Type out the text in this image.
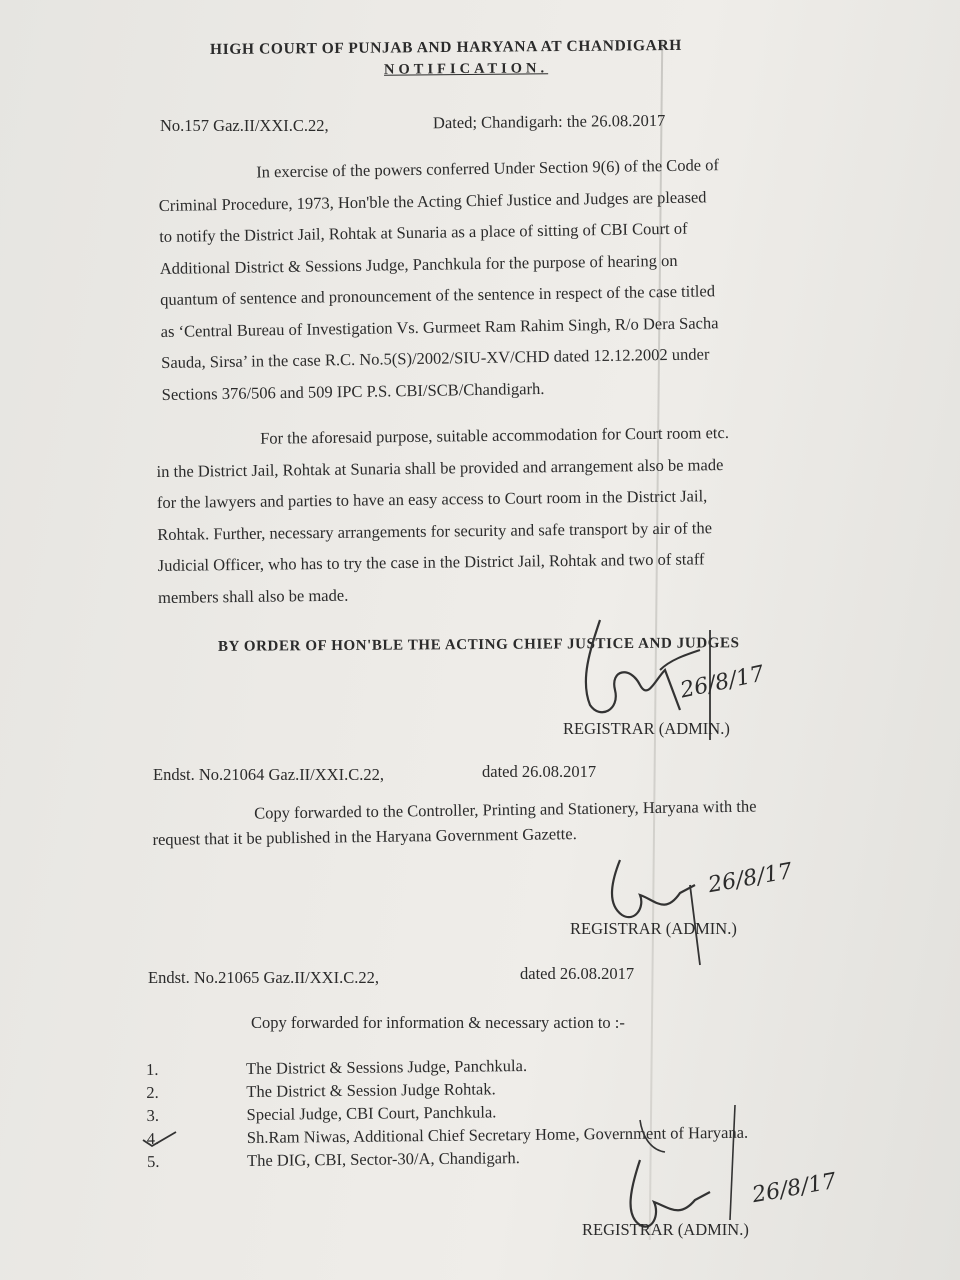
HIGH COURT OF PUNJAB AND HARYANA AT CHANDIGARH
NOTIFICATION.
No.157 Gaz.II/XXI.C.22,	Dated; Chandigarh: the 26.08.2017
In exercise of the powers conferred Under Section 9(6) of the Code of
Criminal Procedure, 1973, Hon'ble the Acting Chief Justice and Judges are pleased
to notify the District Jail, Rohtak at Sunaria as a place of sitting of CBI Court of
Additional District & Sessions Judge, Panchkula for the purpose of hearing on
quantum of sentence and pronouncement of the sentence in respect of the case titled
as ‘Central Bureau of Investigation Vs. Gurmeet Ram Rahim Singh, R/o Dera Sacha
Sauda, Sirsa’ in the case R.C. No.5(S)/2002/SIU-XV/CHD dated 12.12.2002 under
Sections 376/506 and 509 IPC P.S. CBI/SCB/Chandigarh.
For the aforesaid purpose, suitable accommodation for Court room etc.
in the District Jail, Rohtak at Sunaria shall be provided and arrangement also be made
for the lawyers and parties to have an easy access to Court room in the District Jail,
Rohtak. Further, necessary arrangements for security and safe transport by air of the
Judicial Officer, who has to try the case in the District Jail, Rohtak and two of staff
members shall also be made.
BY ORDER OF HON'BLE THE ACTING CHIEF JUSTICE AND JUDGES
26/8/17
REGISTRAR (ADMIN.)
Endst. No.21064 Gaz.II/XXI.C.22,	dated 26.08.2017
Copy forwarded to the Controller, Printing and Stationery, Haryana with the
request that it be published in the Haryana Government Gazette.
26/8/17
REGISTRAR (ADMIN.)
Endst. No.21065 Gaz.II/XXI.C.22,	dated 26.08.2017
Copy forwarded for information & necessary action to :-
1.	The District & Sessions Judge, Panchkula.
2.	The District & Session Judge Rohtak.
3.	Special Judge, CBI Court, Panchkula.
4.	Sh.Ram Niwas, Additional Chief Secretary Home, Government of Haryana.
5.	The DIG, CBI, Sector-30/A, Chandigarh.
26/8/17
REGISTRAR (ADMIN.)
